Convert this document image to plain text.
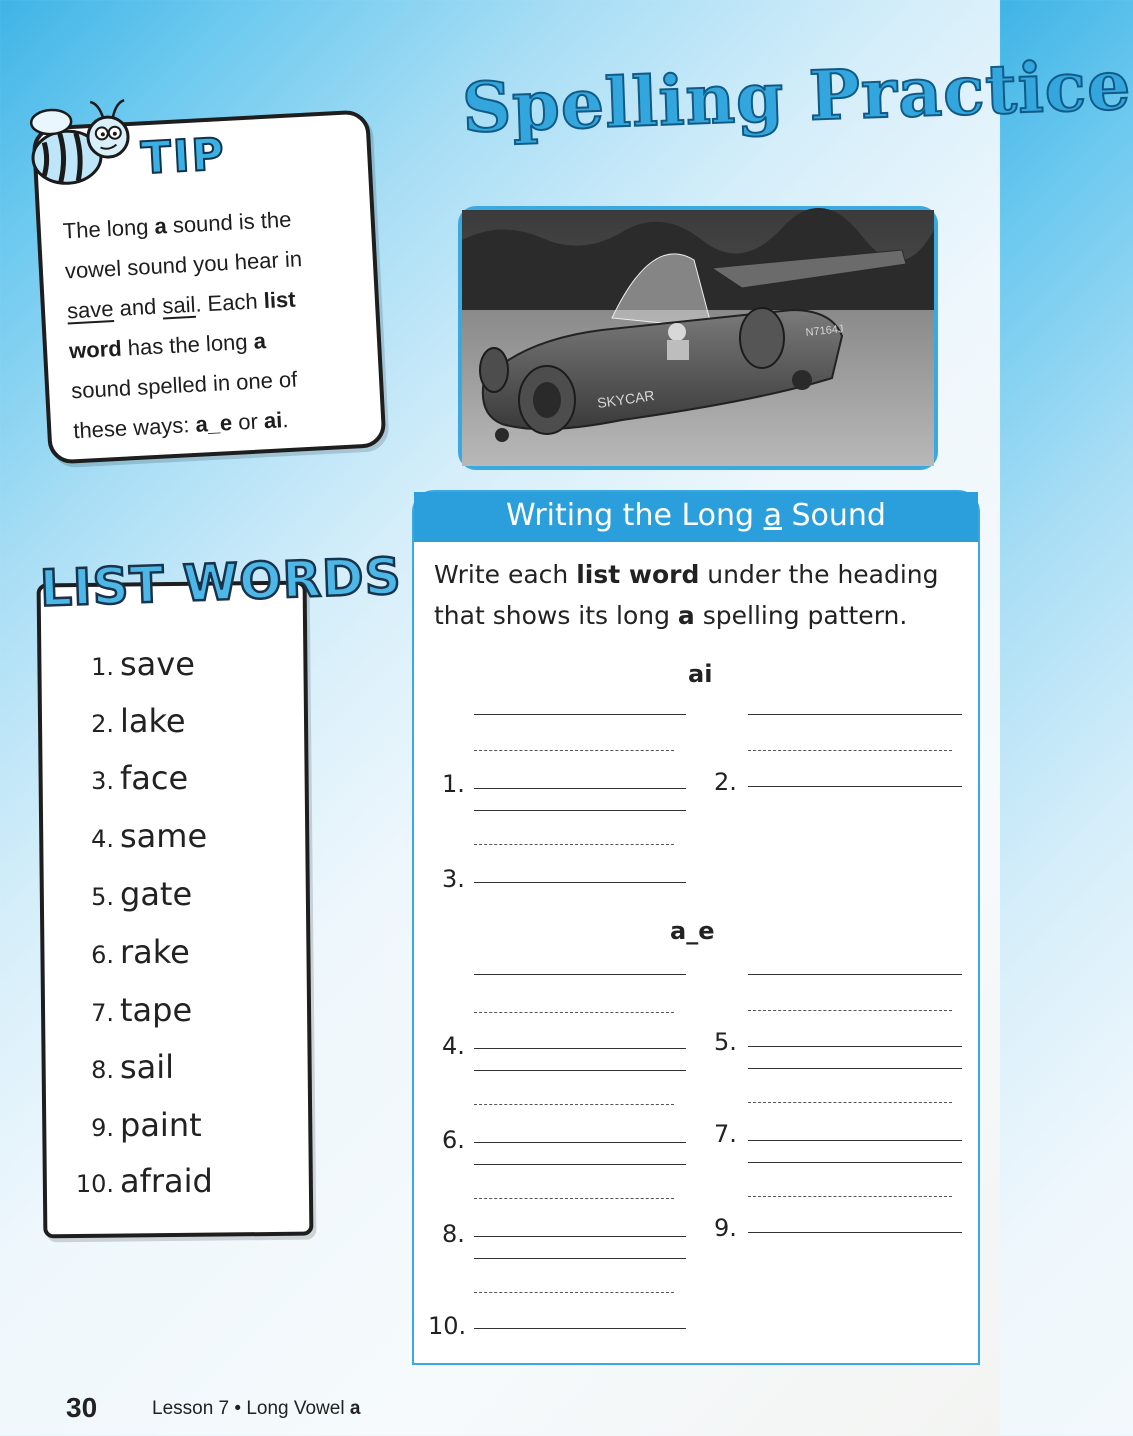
TIP
The long a sound is the
vowel sound you hear in
save and sail. Each list
word has the long a
sound spelled in one of
these ways: a_e or ai.
Spelling Practice
SKYCAR
N7164J
LIST WORDS
1. save
2. lake
3. face
4. same
5. gate
6. rake
7. tape
8. sail
9. paint
10. afraid
Writing the Long a Sound
Write each list word under the heading
that shows its long a spelling pattern.
ai
1.	2.
3.
a_e
4.	5.
6.	7.
8.	9.
10.
30	Lesson 7 • Long Vowel a
